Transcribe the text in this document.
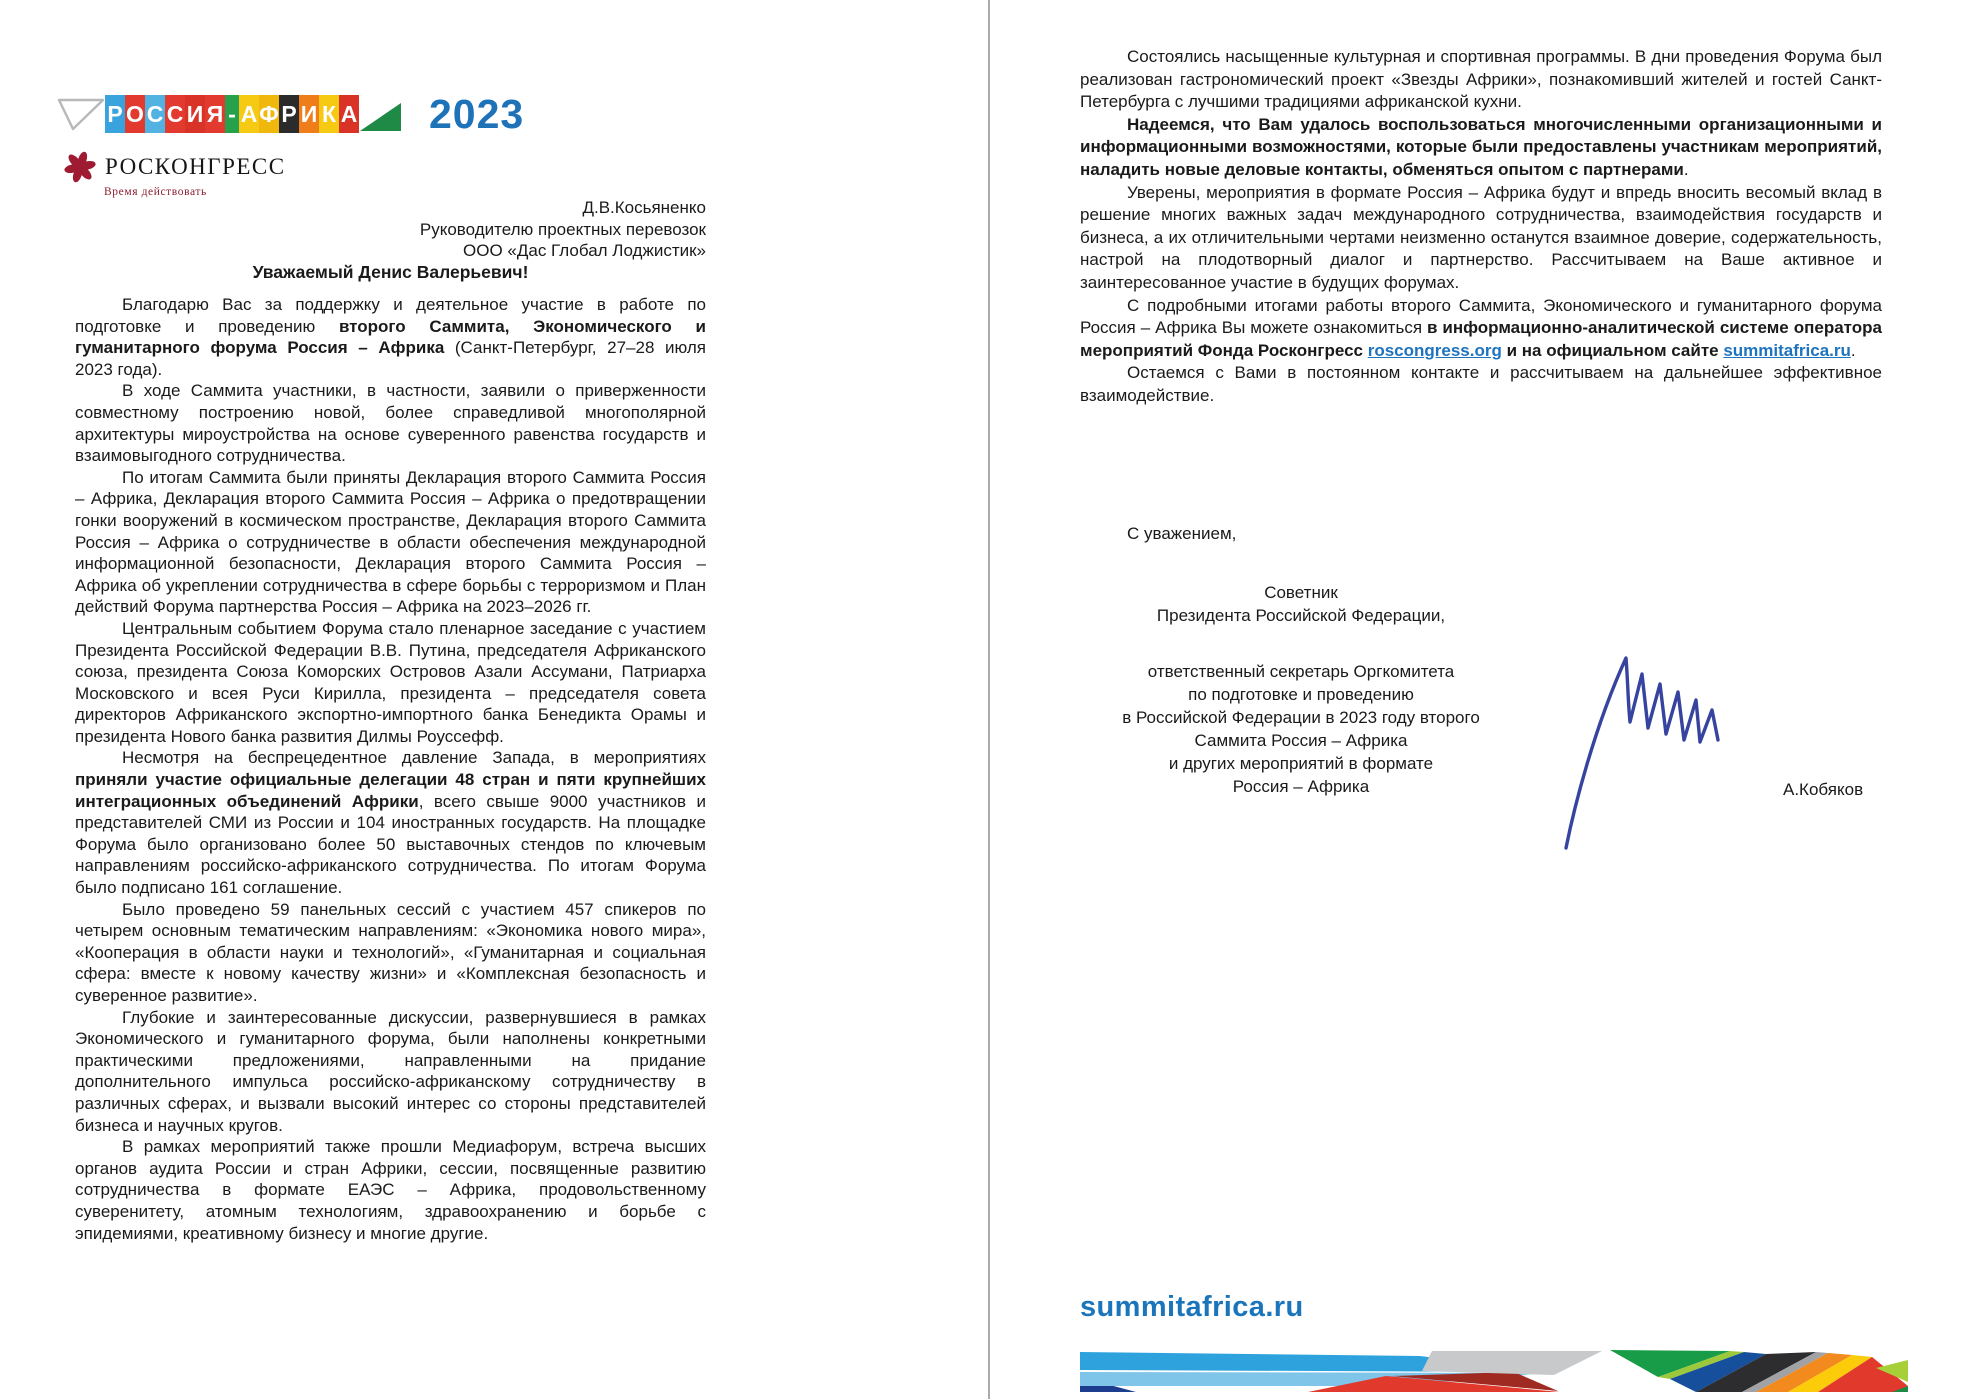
Р О С С И Я - А Ф Р И К А 2023
РОСКОНГРЕСС
Время действовать
Д.В.Косьяненко
Руководителю проектных перевозок
ООО «Дас Глобал Лоджистик»
Уважаемый Денис Валерьевич!

Благодарю Вас за поддержку и деятельное участие в работе по подготовке и проведению второго Саммита, Экономического и гуманитарного форума Россия – Африка (Санкт-Петербург, 27–28 июля 2023 года).

В ходе Саммита участники, в частности, заявили о приверженности совместному построению новой, более справедливой многополярной архитектуры мироустройства на основе суверенного равенства государств и взаимовыгодного сотрудничества.

По итогам Саммита были приняты Декларация второго Саммита Россия – Африка, Декларация второго Саммита Россия – Африка о предотвращении гонки вооружений в космическом пространстве, Декларация второго Саммита Россия – Африка о сотрудничестве в области обеспечения международной информационной безопасности, Декларация второго Саммита Россия – Африка об укреплении сотрудничества в сфере борьбы с терроризмом и План действий Форума партнерства Россия – Африка на 2023–2026 гг.

Центральным событием Форума стало пленарное заседание с участием Президента Российской Федерации В.В. Путина, председателя Африканского союза, президента Союза Коморских Островов Азали Ассумани, Патриарха Московского и всея Руси Кирилла, президента – председателя совета директоров Африканского экспортно-импортного банка Бенедикта Орамы и президента Нового банка развития Дилмы Роуссефф.

Несмотря на беспрецедентное давление Запада, в мероприятиях приняли участие официальные делегации 48 стран и пяти крупнейших интеграционных объединений Африки, всего свыше 9000 участников и представителей СМИ из России и 104 иностранных государств. На площадке Форума было организовано более 50 выставочных стендов по ключевым направлениям российско-африканского сотрудничества. По итогам Форума было подписано 161 соглашение.

Было проведено 59 панельных сессий с участием 457 спикеров по четырем основным тематическим направлениям: «Экономика нового мира», «Кооперация в области науки и технологий», «Гуманитарная и социальная сфера: вместе к новому качеству жизни» и «Комплексная безопасность и суверенное развитие».

Глубокие и заинтересованные дискуссии, развернувшиеся в рамках Экономического и гуманитарного форума, были наполнены конкретными практическими предложениями, направленными на придание дополнительного импульса российско-африканскому сотрудничеству в различных сферах, и вызвали высокий интерес со стороны представителей бизнеса и научных кругов.

В рамках мероприятий также прошли Медиафорум, встреча высших органов аудита России и стран Африки, сессии, посвященные развитию сотрудничества в формате ЕАЭС – Африка, продовольственному суверенитету, атомным технологиям, здравоохранению и борьбе с эпидемиями, креативному бизнесу и многие другие.

Состоялись насыщенные культурная и спортивная программы. В дни проведения Форума был реализован гастрономический проект «Звезды Африки», познакомивший жителей и гостей Санкт-Петербурга с лучшими традициями африканской кухни.

Надеемся, что Вам удалось воспользоваться многочисленными организационными и информационными возможностями, которые были предоставлены участникам мероприятий, наладить новые деловые контакты, обменяться опытом с партнерами.

Уверены, мероприятия в формате Россия – Африка будут и впредь вносить весомый вклад в решение многих важных задач международного сотрудничества, взаимодействия государств и бизнеса, а их отличительными чертами неизменно останутся взаимное доверие, содержательность, настрой на плодотворный диалог и партнерство. Рассчитываем на Ваше активное и заинтересованное участие в будущих форумах.

С подробными итогами работы второго Саммита, Экономического и гуманитарного форума Россия – Африка Вы можете ознакомиться в информационно-аналитической системе оператора мероприятий Фонда Росконгресс roscongress.org и на официальном сайте summitafrica.ru.

Остаемся с Вами в постоянном контакте и рассчитываем на дальнейшее эффективное взаимодействие.

С уважением,
Советник
Президента Российской Федерации,
ответственный секретарь Оргкомитета
по подготовке и проведению
в Российской Федерации в 2023 году второго
Саммита Россия – Африка
и других мероприятий в формате
Россия – Африка	А.Кобяков
summitafrica.ru
